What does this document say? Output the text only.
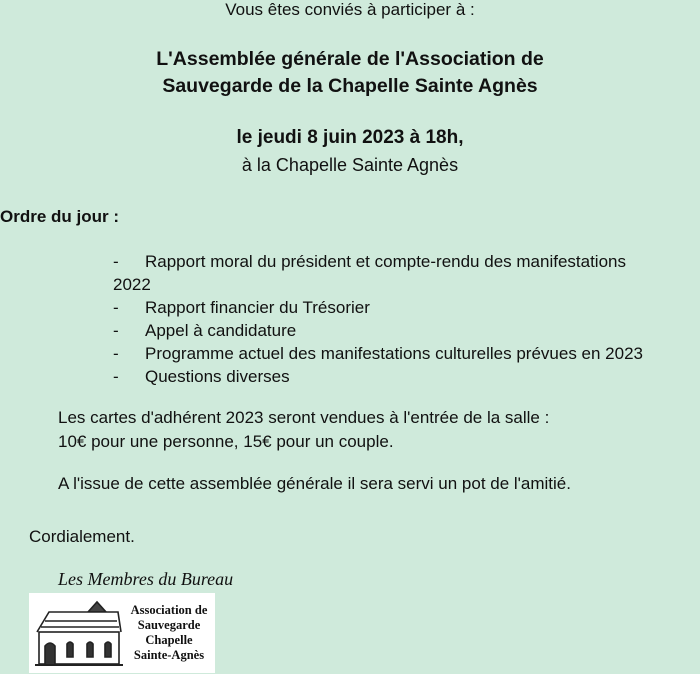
Vous êtes conviés à participer à :
L'Assemblée générale de l'Association de
Sauvegarde de la Chapelle Sainte Agnès
le jeudi 8 juin 2023 à 18h,
à la Chapelle Sainte Agnès
Ordre du jour :
- Rapport moral du président et compte-rendu des manifestations
2022
- Rapport financier du Trésorier
- Appel à candidature
- Programme actuel des manifestations culturelles prévues en 2023
- Questions diverses
Les cartes d'adhérent 2023 seront vendues à l'entrée de la salle :
10€ pour une personne, 15€ pour un couple.
A l'issue de cette assemblée générale il sera servi un pot de l'amitié.
Cordialement.
Les Membres du Bureau
Association de
Sauvegarde
Chapelle
Sainte-Agnès
